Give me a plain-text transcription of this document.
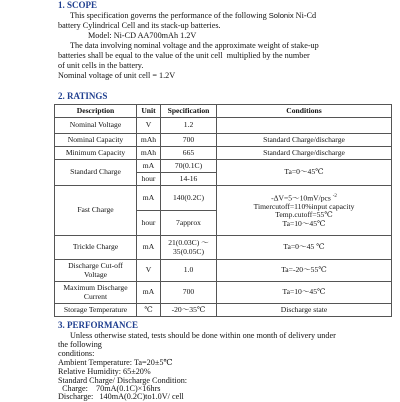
1. SCOPE
This specification governs the performance of the following Solonix Ni-Cd
battery Cylindrical Cell and its stack-up batteries.
Model: Ni-CD AA700mAh 1.2V
The data involving nominal voltage and the approximate weight of stake-up
batteries shall be equal to the value of the unit cell  multiplied by the number
of unit cells in the battery.
Nominal voltage of unit cell = 1.2V
2. RATINGS
Description	Unit	Specification	Conditions
Nominal Voltage	V	1.2	
Nominal Capacity	mAh	700	Standard Charge/discharge
Minimum Capacity	mAh	665	Standard Charge/discharge
Standard Charge	mA	70(0.1C)	Ta=0～45℃
	hour	14-16	
Fast Charge	mA	140(0.2C)	-ΔV=5～10mV/pcs $^{-2}$
Timercutoff=110%input capacity
Temp.cutoff=55℃
Ta=10～45℃

	hour	7approx	
Trickle Charge	mA	21(0.03C) ～
35(0.05C)	Ta=0～45 ℃

Discharge Cut-off
Voltage	V	1.0	Ta=-20～55℃

Maximum Discharge
Current	mA	700	Ta=10～45℃
Storage Temperature	℃	-20～35℃	Discharge state
3. PERFORMANCE
Unless otherwise stated, tests should be done within one month of delivery under
the following
conditions:
Ambient Temperature: Ta=20±5℃
Relative Humidity: 65±20%
Standard Charge/ Discharge Condition:
Charge:    70mA(0.1C)×16hrs
Discharge:   140mA(0.2C)to1.0V/ cell
